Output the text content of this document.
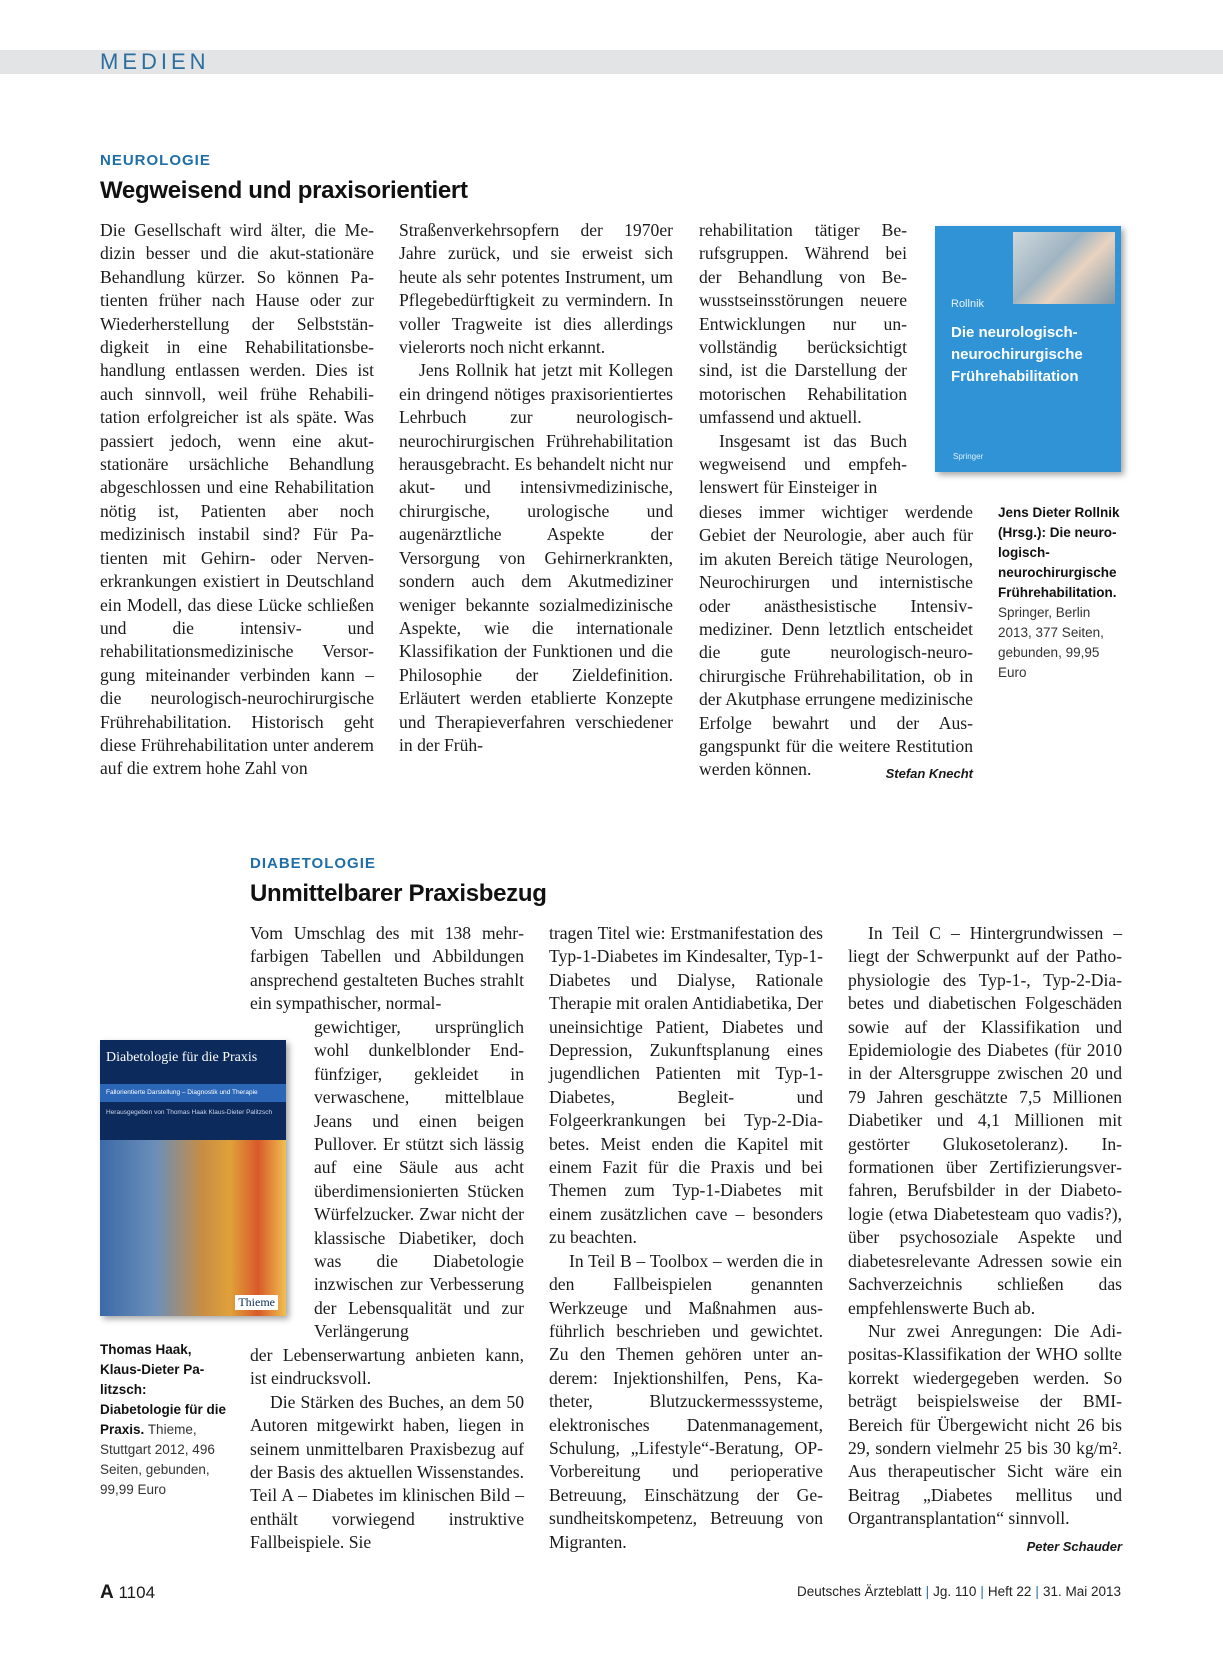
MEDIEN
NEUROLOGIE
Wegweisend und praxisorientiert

Die Gesellschaft wird älter, die Medizin besser und die akut-stationäre Behandlung kürzer. So können Patienten früher nach Hause oder zur Wiederherstellung der Selbstständigkeit in eine Rehabilitationsbehandlung entlassen werden. Dies ist auch sinnvoll, weil frühe Rehabilitation erfolgreicher ist als späte. Was passiert jedoch, wenn eine akutstationäre ursächliche Behandlung abgeschlossen und eine Rehabilitation nötig ist, Patienten aber noch medizinisch instabil sind? Für Patienten mit Gehirn- oder Nervenerkrankungen existiert in Deutschland ein Modell, das diese Lücke schließen und die intensiv- und rehabilitationsmedizinische Versorgung miteinander verbinden kann – die neurologisch-neurochirurgische Frührehabilitation. Historisch geht diese Frührehabilitation unter anderem auf die extrem hohe Zahl von

Straßenverkehrsopfern der 1970er Jahre zurück, und sie erweist sich heute als sehr potentes Instrument, um Pflegebedürftigkeit zu vermindern. In voller Tragweite ist dies allerdings vielerorts noch nicht erkannt.

Jens Rollnik hat jetzt mit Kollegen ein dringend nötiges praxisorientiertes Lehrbuch zur neurologisch-neurochirurgischen Frührehabilitation herausgebracht. Es behandelt nicht nur akut- und intensivmedizinische, chirurgische, urologische und augenärztliche Aspekte der Versorgung von Gehirnerkrankten, sondern auch dem Akutmediziner weniger bekannte sozialmedizinische Aspekte, wie die internationale Klassifikation der Funktionen und die Philosophie der Zieldefinition. Erläutert werden etablierte Konzepte und Therapieverfahren verschiedener in der Früh-

rehabilitation tätiger Berufsgruppen. Während bei der Behandlung von Bewusstseinsstörungen neuere Entwicklungen nur unvollständig berücksichtigt sind, ist die Darstellung der motorischen Rehabilitation umfassend und aktuell.

Insgesamt ist das Buch wegweisend und empfehlenswert für Einsteiger in

dieses immer wichtiger werdende Gebiet der Neurologie, aber auch für im akuten Bereich tätige Neurologen, Neurochirurgen und internistische oder anästhesistische Intensivmediziner. Denn letztlich entscheidet die gute neurologisch-neurochirurgische Frührehabilitation, ob in der Akutphase errungene medizinische Erfolge bewahrt und der Ausgangspunkt für die weitere Restitution werden können.	Stefan Knecht

Rollnik
Die neurologisch-neurochirurgische Frührehabilitation
Springer
Jens Dieter Rollnik (Hrsg.): Die neurologisch-neurochirurgische Frührehabilitation. Springer, Berlin 2013, 377 Seiten, gebunden, 99,95 Euro
DIABETOLOGIE
Unmittelbarer Praxisbezug

Vom Umschlag des mit 138 mehrfarbigen Tabellen und Abbildungen ansprechend gestalteten Buches strahlt ein sympathischer, normal-

gewichtiger, ursprünglich wohl dunkelblonder Endfünfziger, gekleidet in verwaschene, mittelblaue Jeans und einen beigen Pullover. Er stützt sich lässig auf eine Säule aus acht überdimensionierten Stücken Würfelzucker. Zwar nicht der klassische Diabetiker, doch was die Diabetologie inzwischen zur Verbesserung der Lebensqualität und zur Verlängerung

der Lebenserwartung anbieten kann, ist eindrucksvoll.

Die Stärken des Buches, an dem 50 Autoren mitgewirkt haben, liegen in seinem unmittelbaren Praxisbezug auf der Basis des aktuellen Wissenstandes. Teil A – Diabetes im klinischen Bild – enthält vorwiegend instruktive Fallbeispiele. Sie

tragen Titel wie: Erstmanifestation des Typ-1-Diabetes im Kindesalter, Typ-1-Diabetes und Dialyse, Rationale Therapie mit oralen Antidiabetika, Der uneinsichtige Patient, Diabetes und Depression, Zukunftsplanung eines jugendlichen Patienten mit Typ-1-Diabetes, Begleit- und Folgeerkrankungen bei Typ-2-Diabetes. Meist enden die Kapitel mit einem Fazit für die Praxis und bei Themen zum Typ-1-Diabetes mit einem zusätzlichen cave – besonders zu beachten.

In Teil B – Toolbox – werden die in den Fallbeispielen genannten Werkzeuge und Maßnahmen ausführlich beschrieben und gewichtet. Zu den Themen gehören unter anderem: Injektionshilfen, Pens, Katheter, Blutzuckermesssysteme, elektronisches Datenmanagement, Schulung, „Lifestyle“-Beratung, OP-Vorbereitung und perioperative Betreuung, Einschätzung der Gesundheitskompetenz, Betreuung von Migranten.

In Teil C – Hintergrundwissen – liegt der Schwerpunkt auf der Pathophysiologie des Typ-1-, Typ-2-Diabetes und diabetischen Folgeschäden sowie auf der Klassifikation und Epidemiologie des Diabetes (für 2010 in der Altersgruppe zwischen 20 und 79 Jahren geschätzte 7,5 Millionen Diabetiker und 4,1 Millionen mit gestörter Glukosetoleranz). Informationen über Zertifizierungsverfahren, Berufsbilder in der Diabetologie (etwa Diabetesteam quo vadis?), über psychosoziale Aspekte und diabetesrelevante Adressen sowie ein Sachverzeichnis schließen das empfehlenswerte Buch ab.

Nur zwei Anregungen: Die Adipositas-Klassifikation der WHO sollte korrekt wiedergegeben werden. So beträgt beispielsweise der BMI-Bereich für Übergewicht nicht 26 bis 29, sondern vielmehr 25 bis 30 kg/m². Aus therapeutischer Sicht wäre ein Beitrag „Diabetes mellitus und Organtransplantation“ sinnvoll.
Peter Schauder

Diabetologie für die Praxis
Fallorientierte Darstellung – Diagnostik und Therapie
Herausgegeben von Thomas Haak Klaus-Dieter Palitzsch
Thieme
Thomas Haak, Klaus-Dieter Palitzsch: Diabetologie für die Praxis. Thieme, Stuttgart 2012, 496 Seiten, gebunden, 99,99 Euro
A 1104	Deutsches Ärzteblatt | Jg. 110 | Heft 22 | 31. Mai 2013
